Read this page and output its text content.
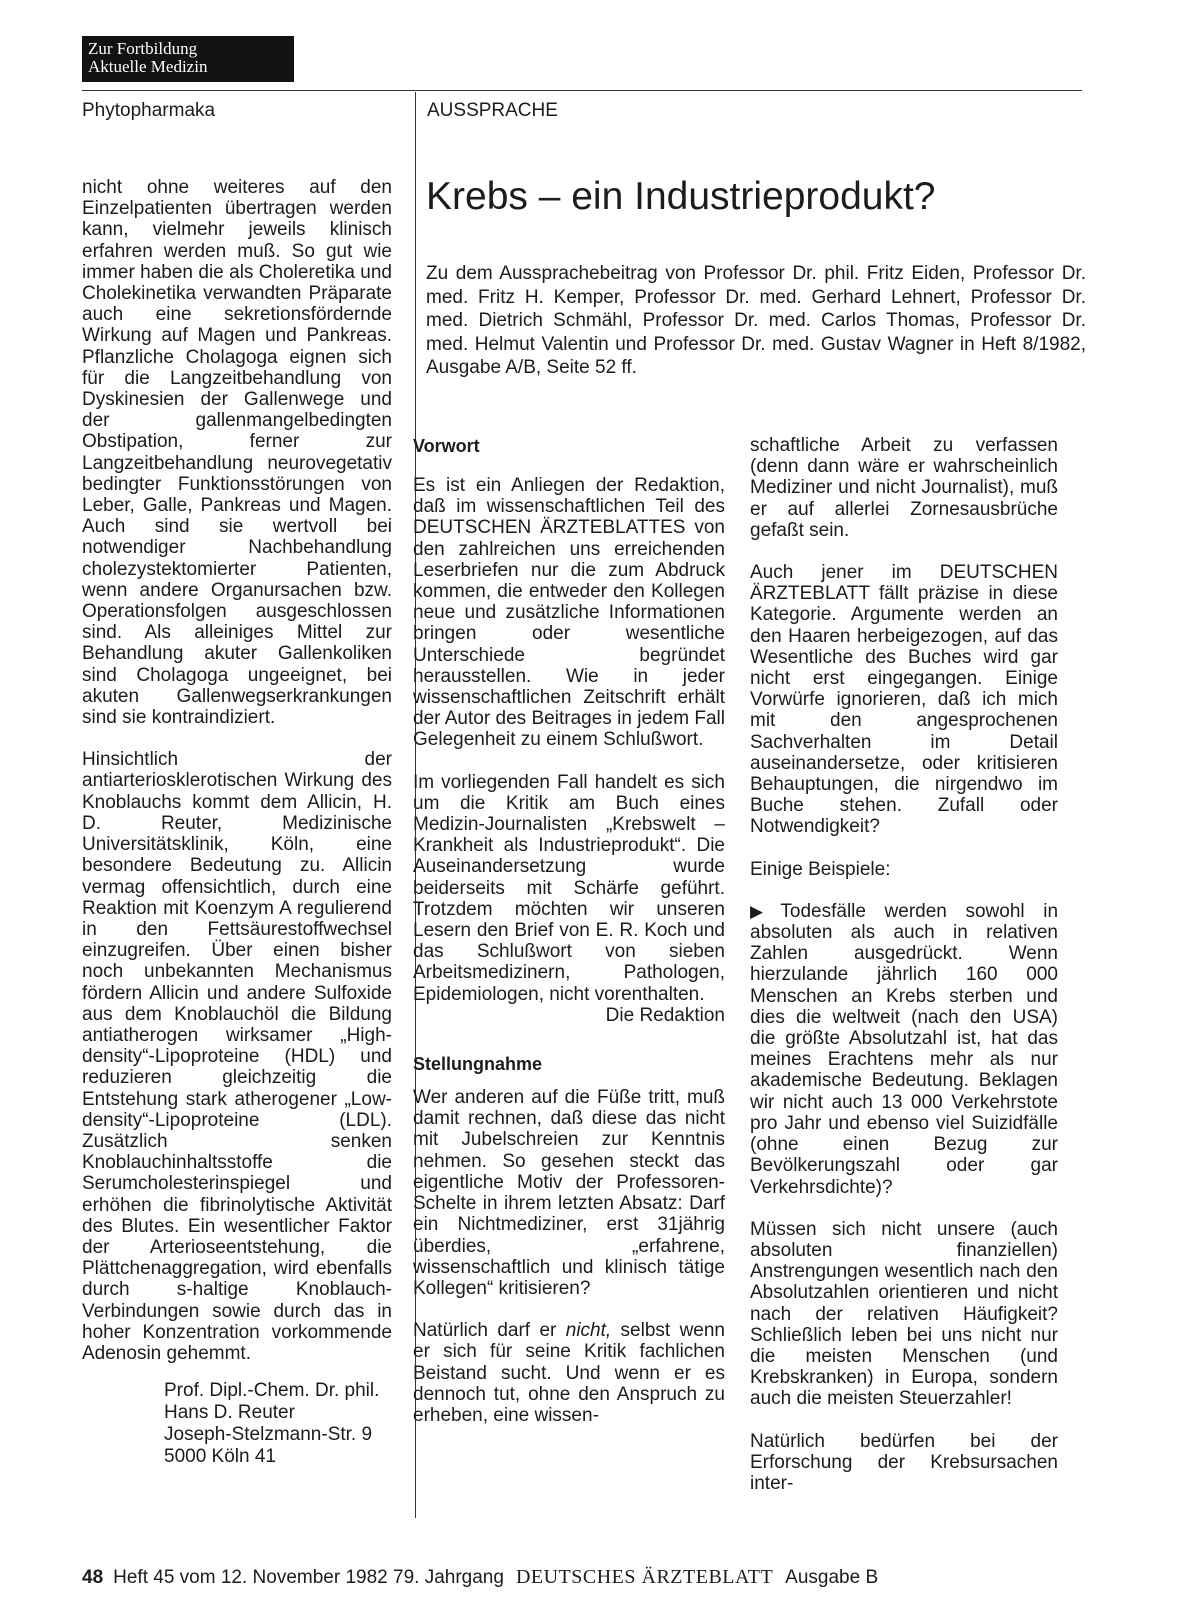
Zur Fortbildung
Aktuelle Medizin
Phytopharmaka	AUSSPRACHE

nicht ohne weiteres auf den Einzelpatienten übertragen werden kann, vielmehr jeweils klinisch erfahren werden muß. So gut wie immer haben die als Choleretika und Cholekinetika verwandten Präparate auch eine sekretionsfördernde Wirkung auf Magen und Pankreas. Pflanzliche Cholagoga eignen sich für die Langzeitbehandlung von Dyskinesien der Gallenwege und der gallenmangelbedingten Obstipation, ferner zur Langzeitbehandlung neurovegetativ bedingter Funktionsstörungen von Leber, Galle, Pankreas und Magen. Auch sind sie wertvoll bei notwendiger Nachbehandlung cholezystektomierter Patienten, wenn andere Organursachen bzw. Operationsfolgen ausgeschlossen sind. Als alleiniges Mittel zur Behandlung akuter Gallenkoliken sind Cholagoga ungeeignet, bei akuten Gallenwegserkrankungen sind sie kontraindiziert.

Hinsichtlich der antiarteriosklerotischen Wirkung des Knoblauchs kommt dem Allicin, H. D. Reuter, Medizinische Universitätsklinik, Köln, eine besondere Bedeutung zu. Allicin vermag offensichtlich, durch eine Reaktion mit Koenzym A regulierend in den Fettsäurestoffwechsel einzugreifen. Über einen bisher noch unbekannten Mechanismus fördern Allicin und andere Sulfoxide aus dem Knoblauchöl die Bildung antiatherogen wirksamer „High-density“-Lipoproteine (HDL) und reduzieren gleichzeitig die Entstehung stark atherogener „Low-density“-Lipoproteine (LDL). Zusätzlich senken Knoblauchinhaltsstoffe die Serumcholesterinspiegel und erhöhen die fibrinolytische Aktivität des Blutes. Ein wesentlicher Faktor der Arterioseentstehung, die Plättchenaggregation, wird ebenfalls durch s-haltige Knoblauch-Verbindungen sowie durch das in hoher Konzentration vorkommende Adenosin gehemmt.

Prof. Dipl.-Chem. Dr. phil.
Hans D. Reuter
Joseph-Stelzmann-Str. 9
5000 Köln 41
Krebs – ein Industrieprodukt?
Zu dem Aussprachebeitrag von Professor Dr. phil. Fritz Eiden, Professor Dr. med. Fritz H. Kemper, Professor Dr. med. Gerhard Lehnert, Professor Dr. med. Dietrich Schmähl, Professor Dr. med. Carlos Thomas, Professor Dr. med. Helmut Valentin und Professor Dr. med. Gustav Wagner in Heft 8/1982, Ausgabe A/B, Seite 52 ff.
Vorwort

Es ist ein Anliegen der Redaktion, daß im wissenschaftlichen Teil des DEUTSCHEN ÄRZTEBLATTES von den zahlreichen uns erreichenden Leserbriefen nur die zum Abdruck kommen, die entweder den Kollegen neue und zusätzliche Informationen bringen oder wesentliche Unterschiede begründet herausstellen. Wie in jeder wissenschaftlichen Zeitschrift erhält der Autor des Beitrages in jedem Fall Gelegenheit zu einem Schlußwort.

Im vorliegenden Fall handelt es sich um die Kritik am Buch eines Medizin-Journalisten „Krebswelt – Krankheit als Industrieprodukt“. Die Auseinandersetzung wurde beiderseits mit Schärfe geführt. Trotzdem möchten wir unseren Lesern den Brief von E. R. Koch und das Schlußwort von sieben Arbeitsmedizinern, Pathologen, Epidemiologen, nicht vorenthalten.

Die Redaktion
Stellungnahme

Wer anderen auf die Füße tritt, muß damit rechnen, daß diese das nicht mit Jubelschreien zur Kenntnis nehmen. So gesehen steckt das eigentliche Motiv der Professoren-Schelte in ihrem letzten Absatz: Darf ein Nichtmediziner, erst 31jährig überdies, „erfahrene, wissenschaftlich und klinisch tätige Kollegen“ kritisieren?

Natürlich darf er nicht, selbst wenn er sich für seine Kritik fachlichen Beistand sucht. Und wenn er es dennoch tut, ohne den Anspruch zu erheben, eine wissen-

schaftliche Arbeit zu verfassen (denn dann wäre er wahrscheinlich Mediziner und nicht Journalist), muß er auf allerlei Zornesausbrüche gefaßt sein.

Auch jener im DEUTSCHEN ÄRZTEBLATT fällt präzise in diese Kategorie. Argumente werden an den Haaren herbeigezogen, auf das Wesentliche des Buches wird gar nicht erst eingegangen. Einige Vorwürfe ignorieren, daß ich mich mit den angesprochenen Sachverhalten im Detail auseinandersetze, oder kritisieren Behauptungen, die nirgendwo im Buche stehen. Zufall oder Notwendigkeit?

Einige Beispiele:

▶ Todesfälle werden sowohl in absoluten als auch in relativen Zahlen ausgedrückt. Wenn hierzulande jährlich 160 000 Menschen an Krebs sterben und dies die weltweit (nach den USA) die größte Absolutzahl ist, hat das meines Erachtens mehr als nur akademische Bedeutung. Beklagen wir nicht auch 13 000 Verkehrstote pro Jahr und ebenso viel Suizidfälle (ohne einen Bezug zur Bevölkerungszahl oder gar Verkehrsdichte)?

Müssen sich nicht unsere (auch absoluten finanziellen) Anstrengungen wesentlich nach den Absolutzahlen orientieren und nicht nach der relativen Häufigkeit? Schließlich leben bei uns nicht nur die meisten Menschen (und Krebskranken) in Europa, sondern auch die meisten Steuerzahler!

Natürlich bedürfen bei der Erforschung der Krebsursachen inter-

48 Heft 45 vom 12. November 1982 79. Jahrgang DEUTSCHES ÄRZTEBLATT Ausgabe B
